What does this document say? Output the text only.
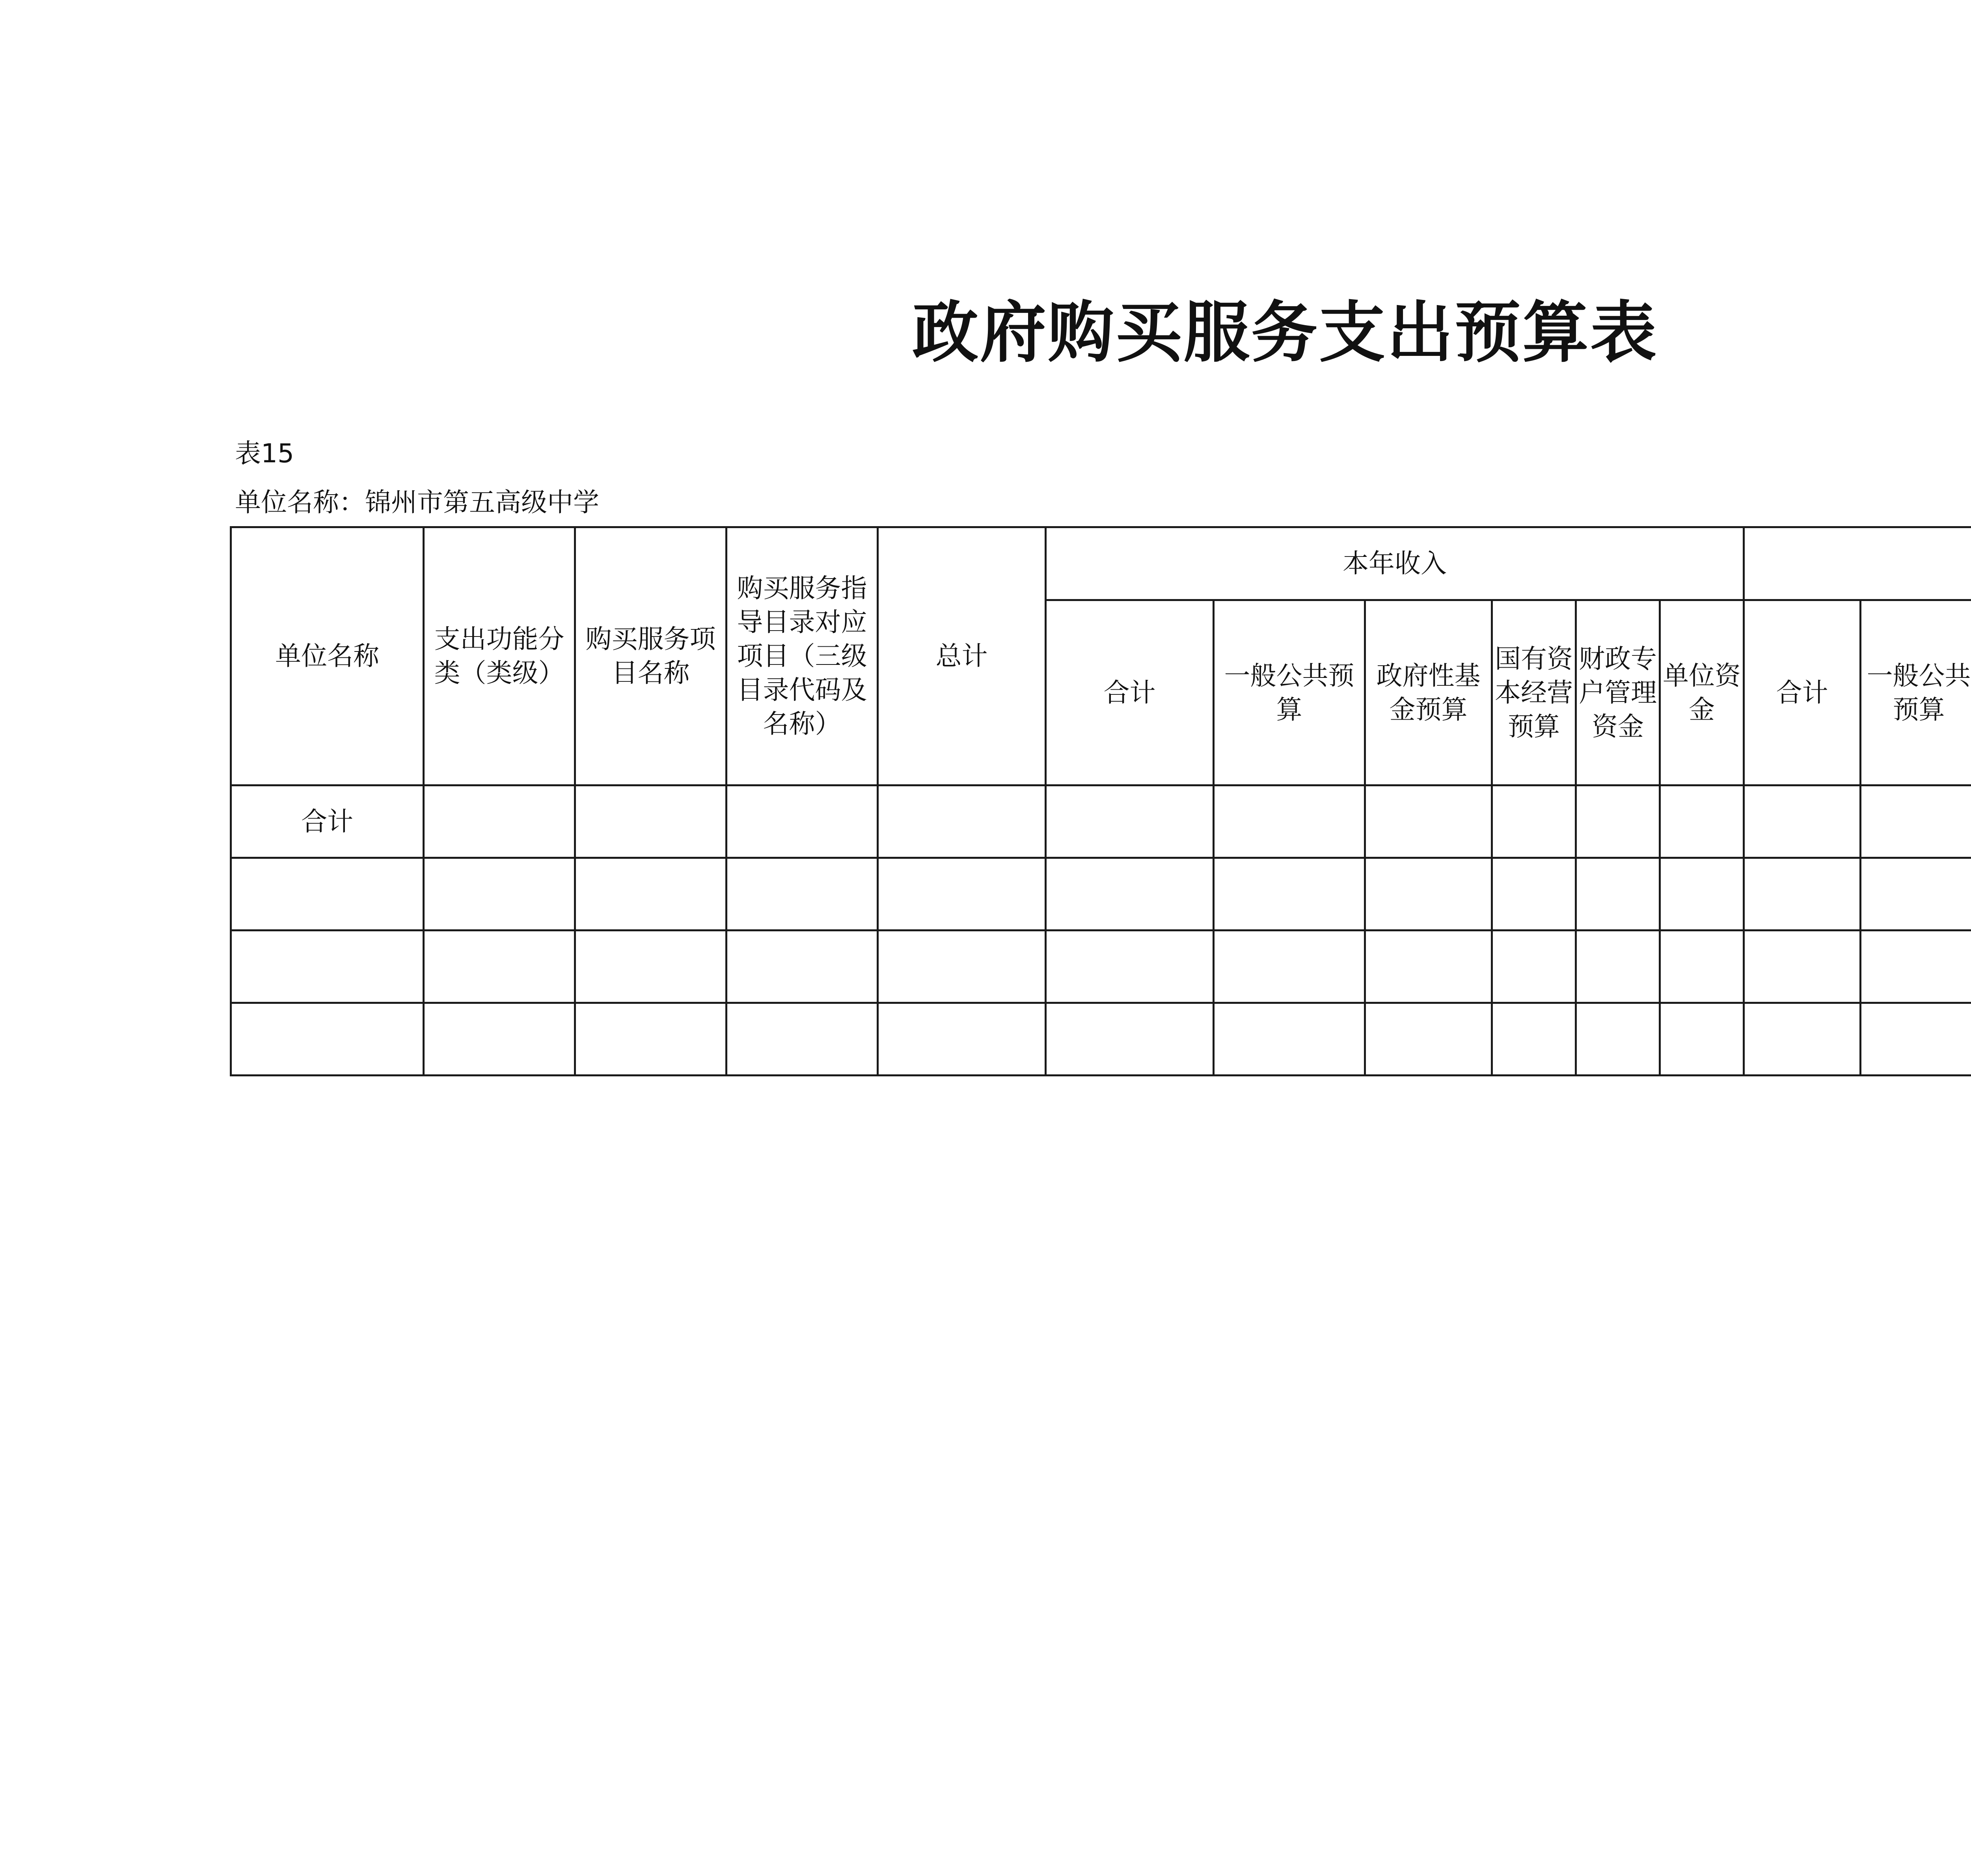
政府购买服务支出预算表
表15
单位名称：锦州市第五高级中学
单位名称	支出功能分类（类级）	购买服务项目名称	购买服务指导目录对应项目（三级目录代码及名称）	总计	本年收入	
					合计	一般公共预算	政府性基金预算	国有资本经营预算	财政专户管理资金	单位资金	合计	一般公共预算				
合计																
